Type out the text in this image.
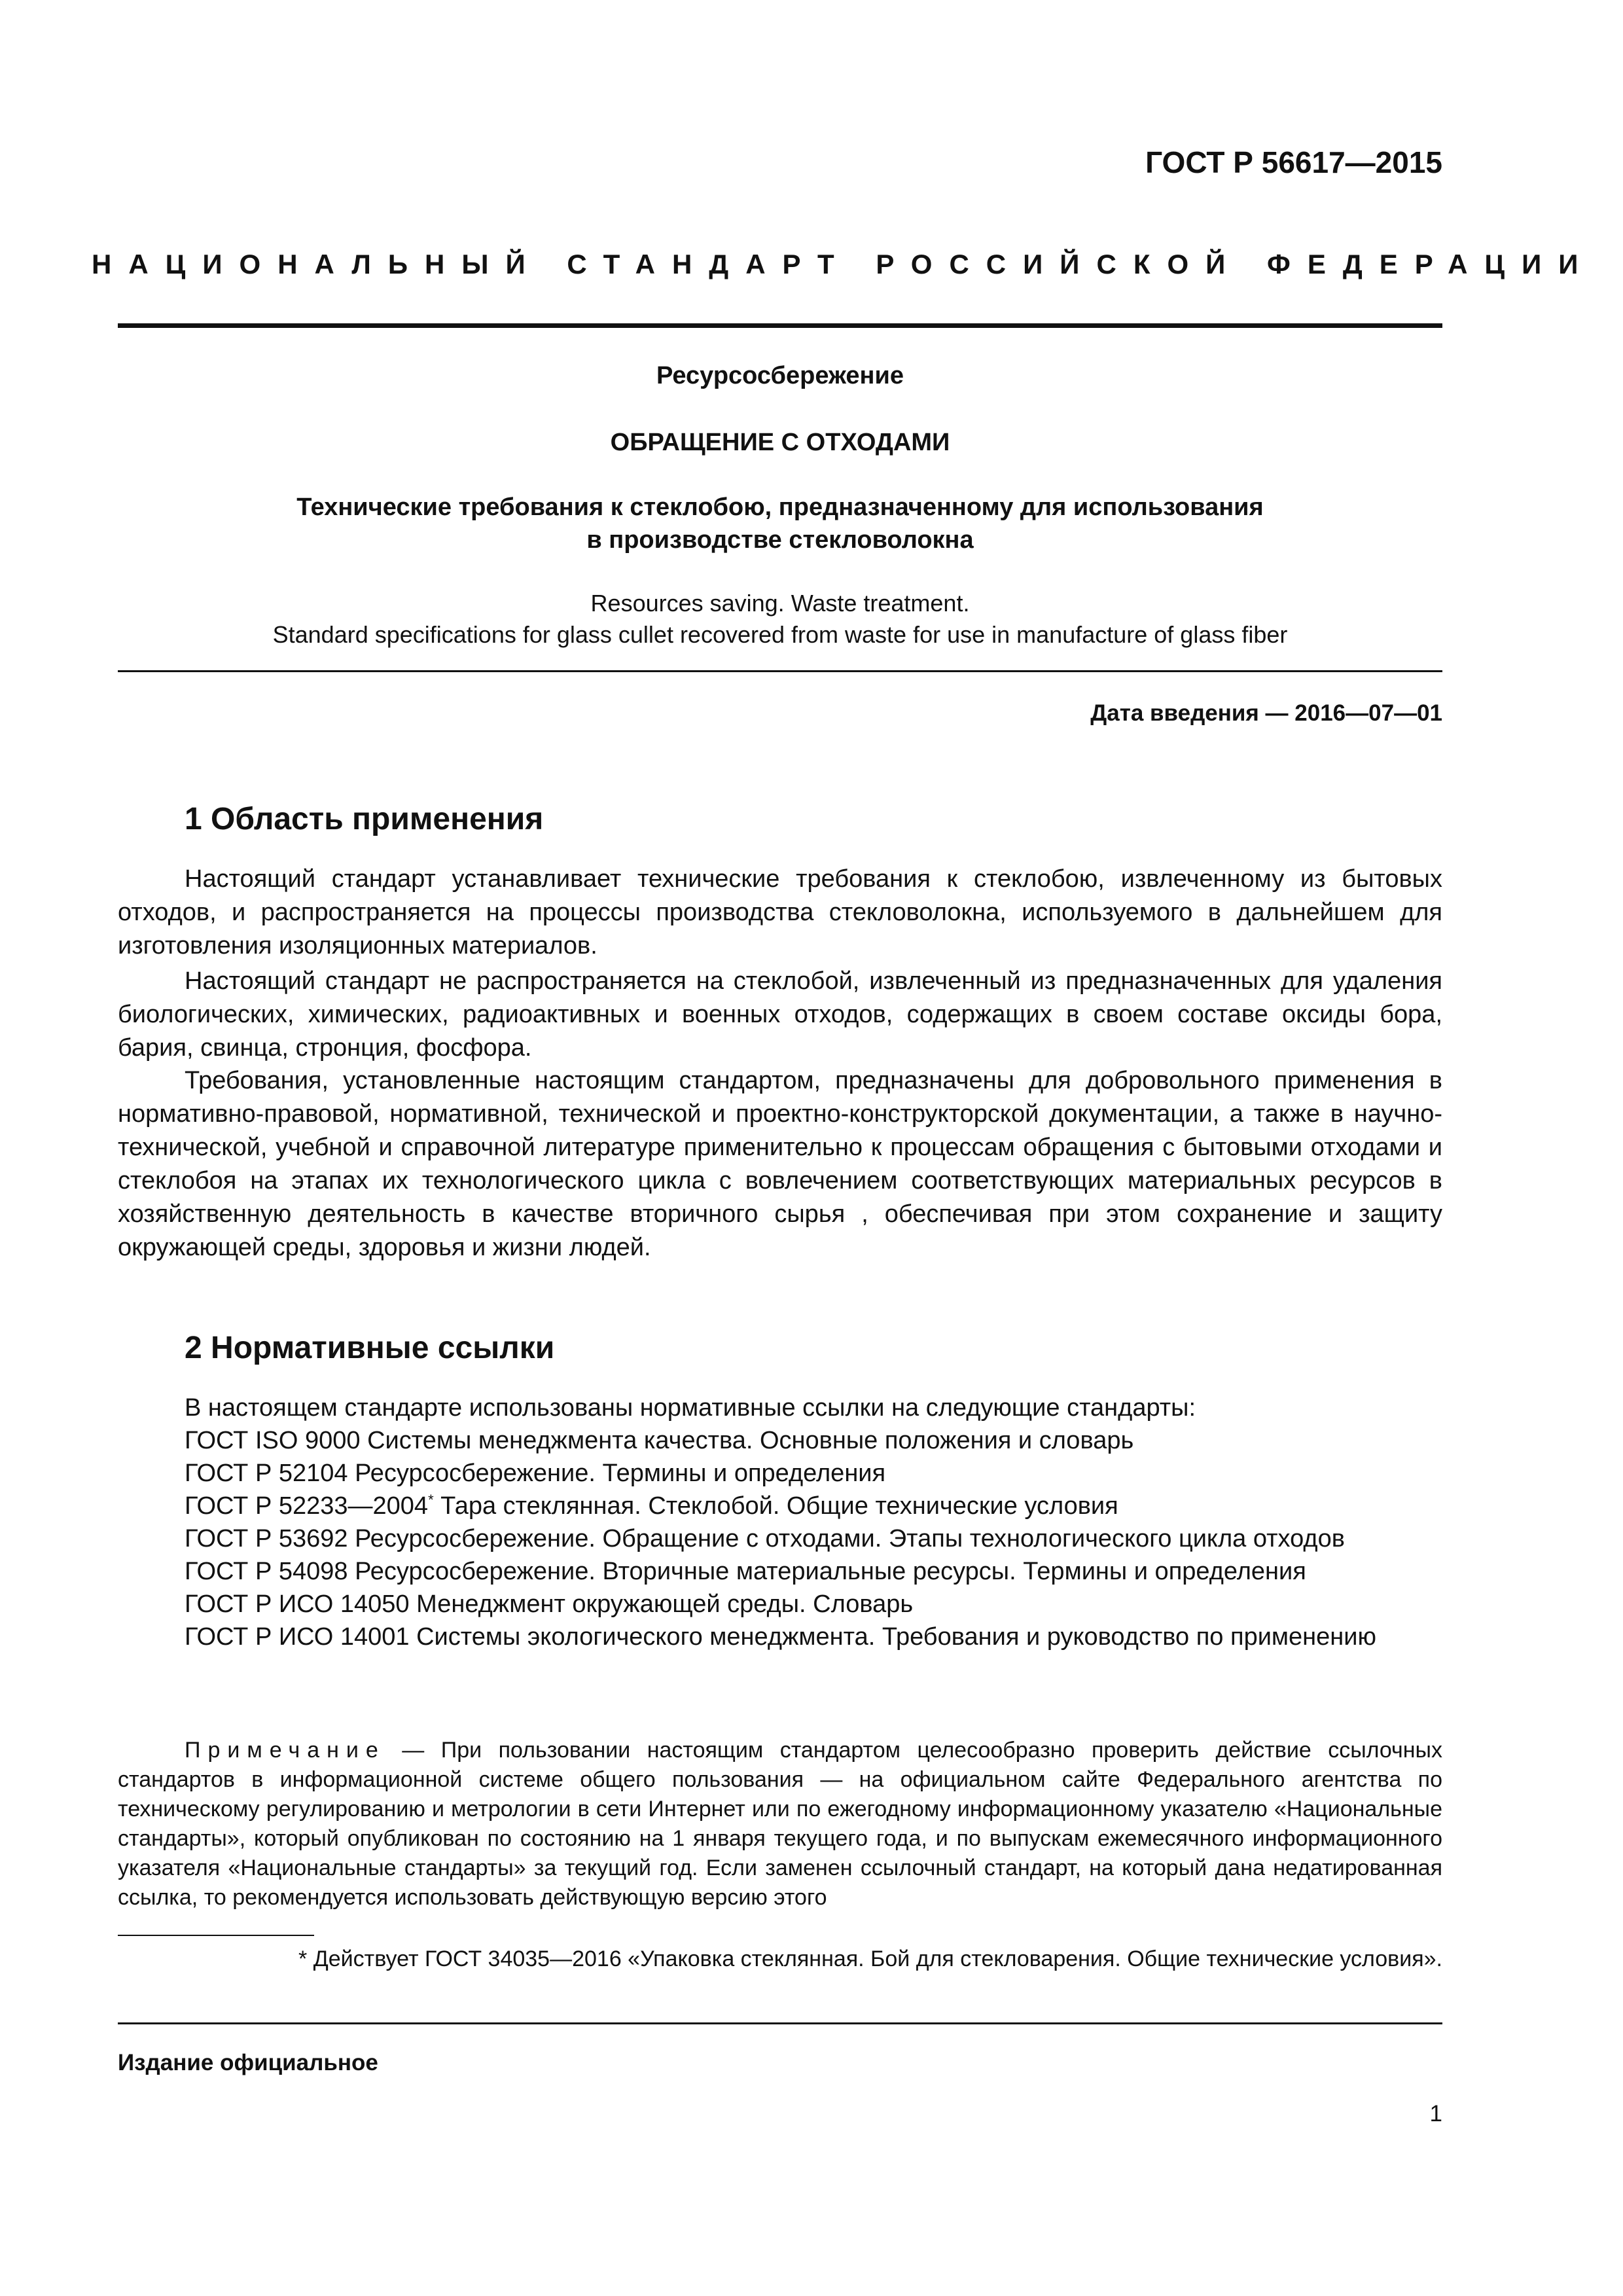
ГОСТ Р 56617—2015
НАЦИОНАЛЬНЫЙ СТАНДАРТ РОССИЙСКОЙ ФЕДЕРАЦИИ
Ресурсосбережение
ОБРАЩЕНИЕ С ОТХОДАМИ
Технические требования к стеклобою, предназначенному для использования
в производстве стекловолокна
Resources saving. Waste treatment.
Standard specifications for glass cullet recovered from waste for use in manufacture of glass fiber
Дата введения — 2016—07—01
1 Область применения
Настоящий стандарт устанавливает технические требования к стеклобою, извлеченному из бытовых отходов, и распространяется на процессы производства стекловолокна, используемого в дальнейшем для изготовления изоляционных материалов.
Настоящий стандарт не распространяется на стеклобой, извлеченный из предназначенных для удаления биологических, химических, радиоактивных и военных отходов, содержащих в своем составе оксиды бора, бария, свинца, стронция, фосфора.
Требования, установленные настоящим стандартом, предназначены для добровольного применения в нормативно-правовой, нормативной, технической и проектно-конструкторской документации, а также в научно-технической, учебной и справочной литературе применительно к процессам обращения с бытовыми отходами и стеклобоя на этапах их технологического цикла с вовлечением соответствующих материальных ресурсов в хозяйственную деятельность в качестве вторичного сырья , обеспечивая при этом сохранение и защиту окружающей среды, здоровья и жизни людей.
2 Нормативные ссылки
В настоящем стандарте использованы нормативные ссылки на следующие стандарты:
ГОСТ ISO 9000 Системы менеджмента качества. Основные положения и словарь
ГОСТ Р 52104 Ресурсосбережение. Термины и определения
ГОСТ Р 52233—2004* Тара стеклянная. Стеклобой. Общие технические условия
ГОСТ Р 53692 Ресурсосбережение. Обращение с отходами. Этапы технологического цикла отходов
ГОСТ Р 54098 Ресурсосбережение. Вторичные материальные ресурсы. Термины и определения
ГОСТ Р ИСО 14050 Менеджмент окружающей среды. Словарь
ГОСТ Р ИСО 14001 Системы экологического менеджмента. Требования и руководство по применению
Примечание — При пользовании настоящим стандартом целесообразно проверить действие ссылочных стандартов в информационной системе общего пользования — на официальном сайте Федерального агентства по техническому регулированию и метрологии в сети Интернет или по ежегодному информационному указателю «Национальные стандарты», который опубликован по состоянию на 1 января текущего года, и по выпускам ежемесячного информационного указателя «Национальные стандарты» за текущий год. Если заменен ссылочный стандарт, на который дана недатированная ссылка, то рекомендуется использовать действующую версию этого
* Действует ГОСТ 34035—2016 «Упаковка стеклянная. Бой для стекловарения. Общие технические условия».
Издание официальное
1
